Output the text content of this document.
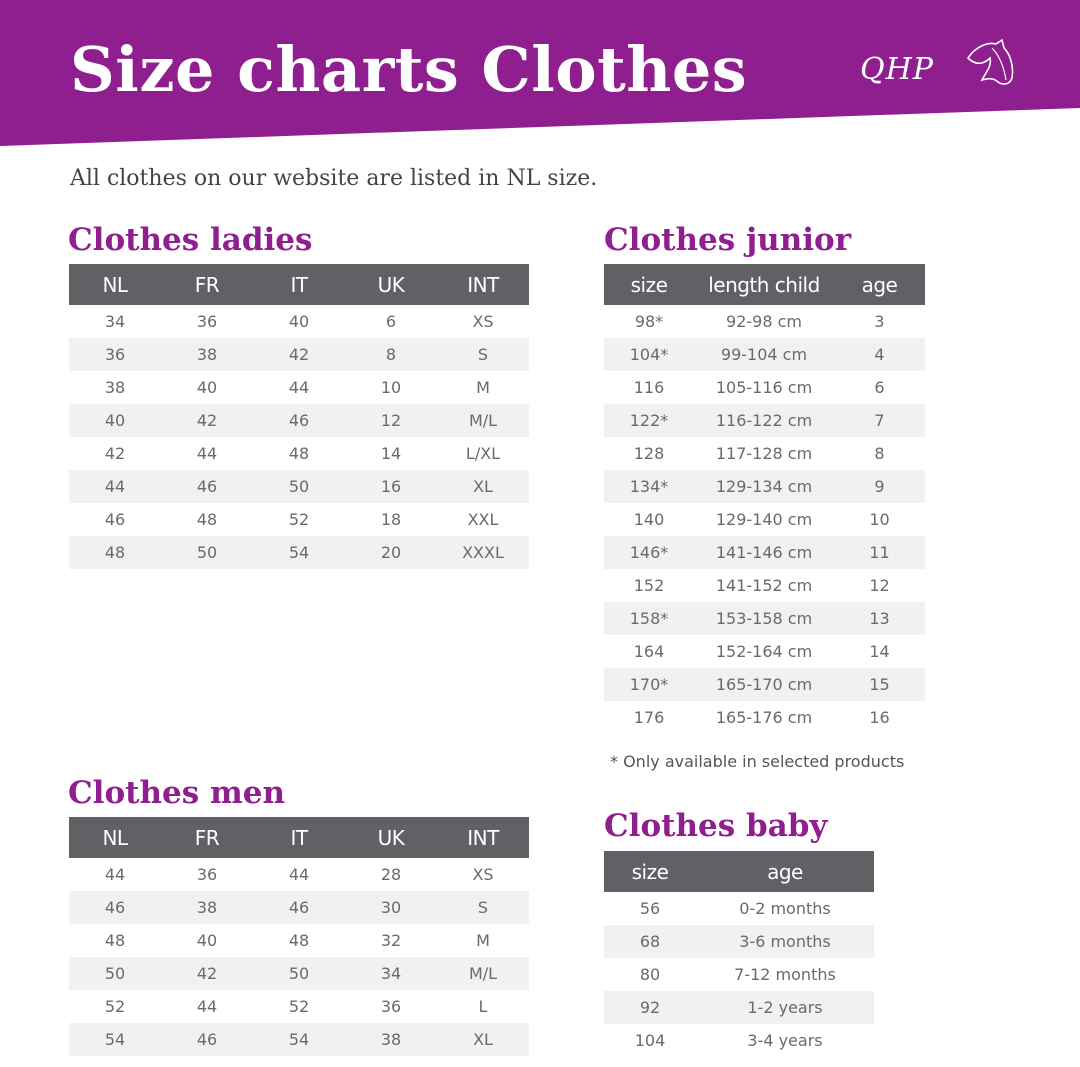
Size charts Clothes	QHP
All clothes on our website are listed in NL size.
Clothes ladies
NL	FR	IT	UK	INT
34	36	40	6	XS
36	38	42	8	S
38	40	44	10	M
40	42	46	12	M/L
42	44	48	14	L/XL
44	46	50	16	XL
46	48	52	18	XXL
48	50	54	20	XXXL
Clothes junior
size	length child	age
98*	92-98 cm	3
104*	99-104 cm	4
116	105-116 cm	6
122*	116-122 cm	7
128	117-128 cm	8
134*	129-134 cm	9
140	129-140 cm	10
146*	141-146 cm	11
152	141-152 cm	12
158*	153-158 cm	13
164	152-164 cm	14
170*	165-170 cm	15
176	165-176 cm	16
* Only available in selected products
Clothes men
NL	FR	IT	UK	INT
44	36	44	28	XS
46	38	46	30	S
48	40	48	32	M
50	42	50	34	M/L
52	44	52	36	L
54	46	54	38	XL
Clothes baby
size	age
56	0-2 months
68	3-6 months
80	7-12 months
92	1-2 years
104	3-4 years
